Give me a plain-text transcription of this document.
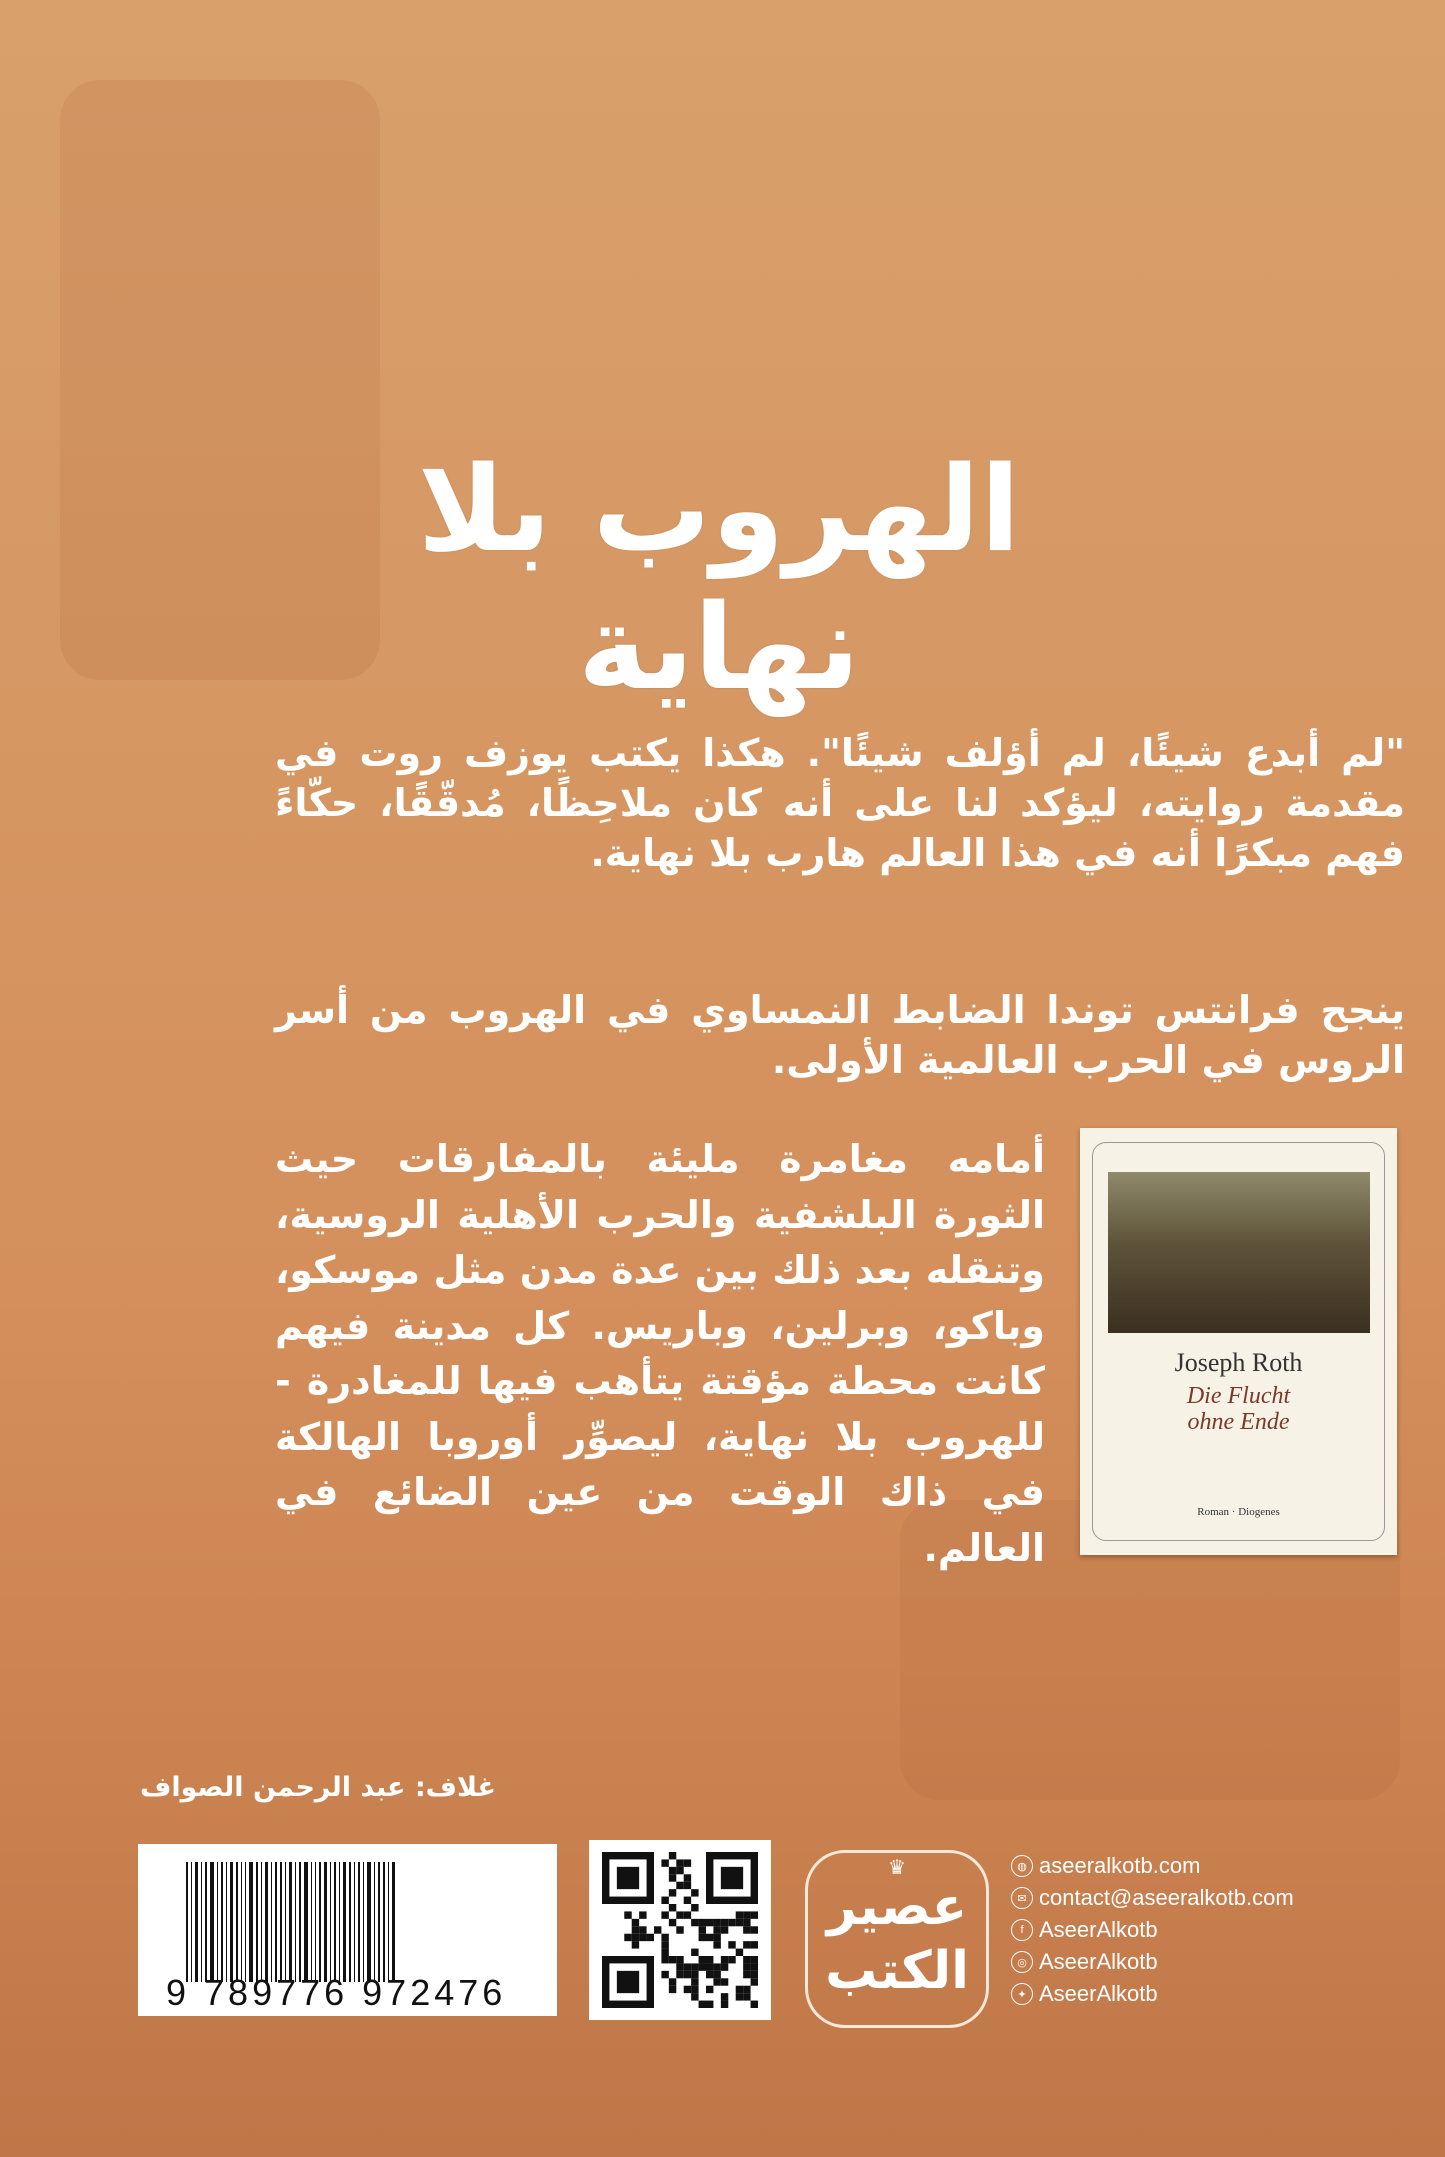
الهروب بلا نهاية
"لم أبدع شيئًا، لم أؤلف شيئًا". هكذا يكتب يوزف روت في مقدمة روايته، ليؤكد لنا على أنه كان ملاحِظًا، مُدقّقًا، حكّاءً فهم مبكرًا أنه في هذا العالم هارب بلا نهاية.
ينجح فرانتس توندا الضابط النمساوي في الهروب من أسر الروس في الحرب العالمية الأولى.
أمامه مغامرة مليئة بالمفارقات حيث الثورة البلشفية والحرب الأهلية الروسية، وتنقله بعد ذلك بين عدة مدن مثل موسكو، وباكو، وبرلين، وباريس. كل مدينة فيهم كانت محطة مؤقتة يتأهب فيها للمغادرة - للهروب بلا نهاية، ليصوِّر أوروبا الهالكة في ذاك الوقت من عين الضائع في العالم.
Joseph Roth
Die Flucht
ohne Ende
Roman · Diogenes
غلاف: عبد الرحمن الصواف
9 789776 972476
♛
عصير الكتب
◍ aseeralkotb.com
✉ contact@aseeralkotb.com
f AseerAlkotb
◎ AseerAlkotb
✦ AseerAlkotb
